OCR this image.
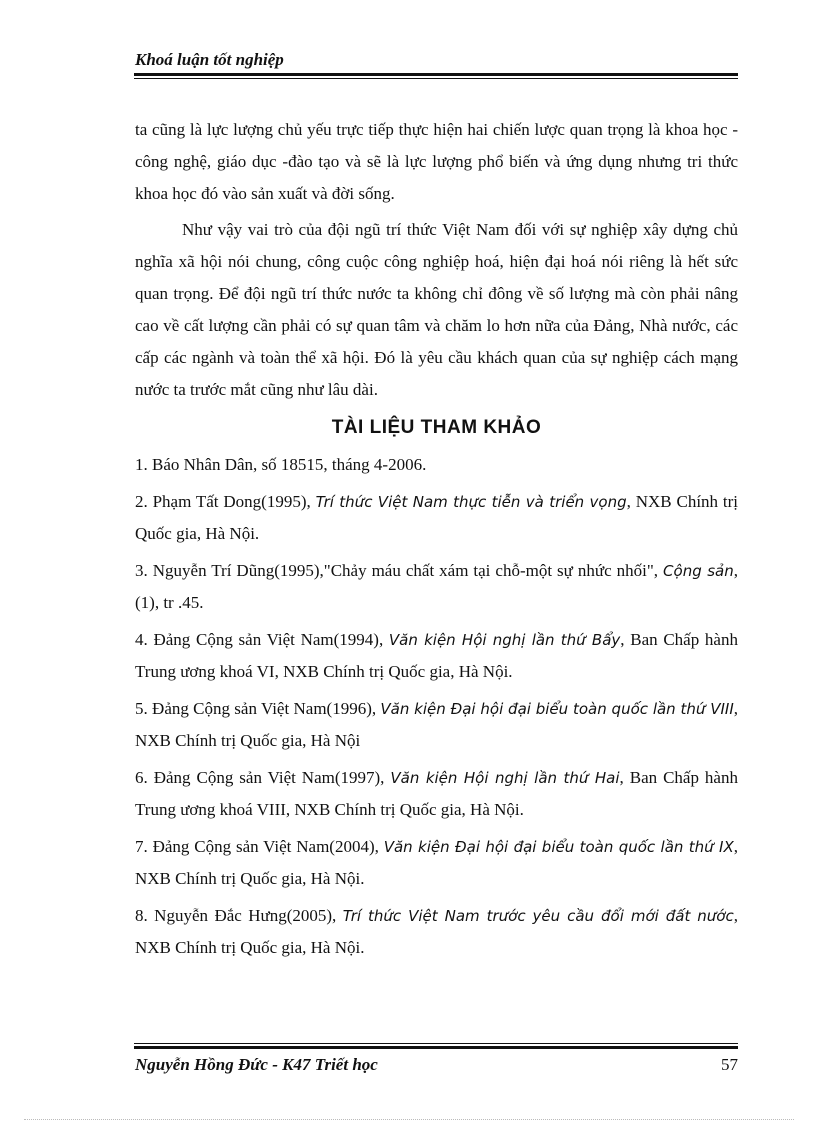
Khoá luận tốt nghiệp

ta cũng là lực lượng chủ yếu trực tiếp thực hiện hai chiến lược quan trọng là khoa học - công nghệ, giáo dục -đào tạo và sẽ là lực lượng phổ biến và ứng dụng nhưng tri thức khoa học đó vào sản xuất và đời sống.

Như vậy vai trò của đội ngũ trí thức Việt Nam đối với sự nghiệp xây dựng chủ nghĩa xã hội nói chung, công cuộc công nghiệp hoá, hiện đại hoá nói riêng là hết sức quan trọng. Để đội ngũ trí thức nước ta không chỉ đông về số lượng mà còn phải nâng cao về cất lượng cần phải có sự quan tâm và chăm lo hơn nữa của Đảng, Nhà nước, các cấp các ngành và toàn thể xã hội. Đó là yêu cầu khách quan của sự nghiệp cách mạng nước ta trước mắt cũng như lâu dài.

TÀI LIỆU THAM KHẢO
1. Báo Nhân Dân, số 18515, tháng 4-2006.
2. Phạm Tất Dong(1995), Trí thức Việt Nam thực tiễn và triển vọng, NXB Chính trị Quốc gia, Hà Nội.
3. Nguyễn Trí Dũng(1995),"Chảy máu chất xám tại chỗ-một sự nhức nhối", Cộng sản,(1), tr .45.
4. Đảng Cộng sản Việt Nam(1994), Văn kiện Hội nghị lần thứ Bẩy, Ban Chấp hành Trung ương khoá VI, NXB Chính trị Quốc gia, Hà Nội.
5. Đảng Cộng sản Việt Nam(1996), Văn kiện Đại hội đại biểu toàn quốc lần thứ VIII, NXB Chính trị Quốc gia, Hà Nội
6. Đảng Cộng sản Việt Nam(1997), Văn kiện Hội nghị lần thứ Hai, Ban Chấp hành Trung ương khoá VIII, NXB Chính trị Quốc gia, Hà Nội.
7. Đảng Cộng sản Việt Nam(2004), Văn kiện Đại hội đại biểu toàn quốc lần thứ IX, NXB Chính trị Quốc gia, Hà Nội.
8. Nguyễn Đắc Hưng(2005), Trí thức Việt Nam trước yêu cầu đổi mới đất nước, NXB Chính trị Quốc gia, Hà Nội.
Nguyễn Hồng Đức - K47 Triết học	57
